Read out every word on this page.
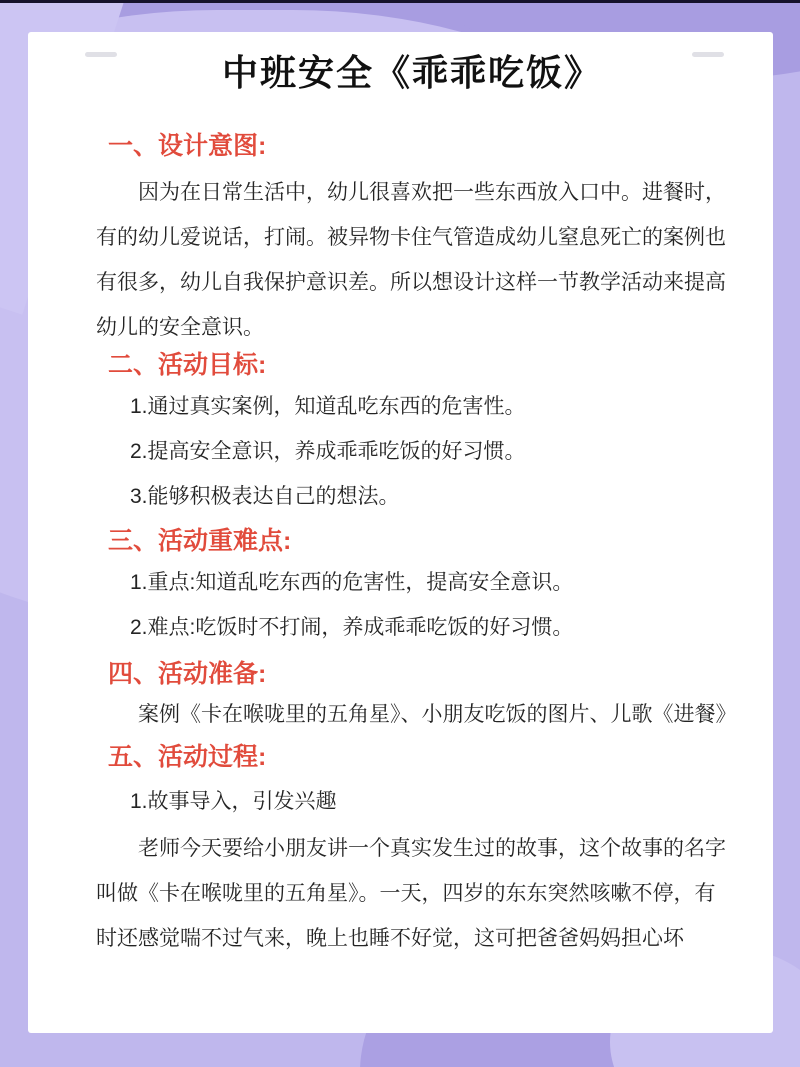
中班安全《乖乖吃饭》
一、设计意图:

因为在日常生活中，幼儿很喜欢把一些东西放入口中。进餐时，有的幼儿爱说话，打闹。被异物卡住气管造成幼儿窒息死亡的案例也有很多，幼儿自我保护意识差。所以想设计这样一节教学活动来提高幼儿的安全意识。

二、活动目标:

1.通过真实案例，知道乱吃东西的危害性。

2.提高安全意识，养成乖乖吃饭的好习惯。

3.能够积极表达自己的想法。

三、活动重难点:

1.重点:知道乱吃东西的危害性，提高安全意识。

2.难点:吃饭时不打闹，养成乖乖吃饭的好习惯。

四、活动准备:

案例《卡在喉咙里的五角星》、小朋友吃饭的图片、儿歌《进餐》

五、活动过程:

1.故事导入，引发兴趣

老师今天要给小朋友讲一个真实发生过的故事，这个故事的名字叫做《卡在喉咙里的五角星》。一天，四岁的东东突然咳嗽不停，有时还感觉喘不过气来，晚上也睡不好觉，这可把爸爸妈妈担心坏
